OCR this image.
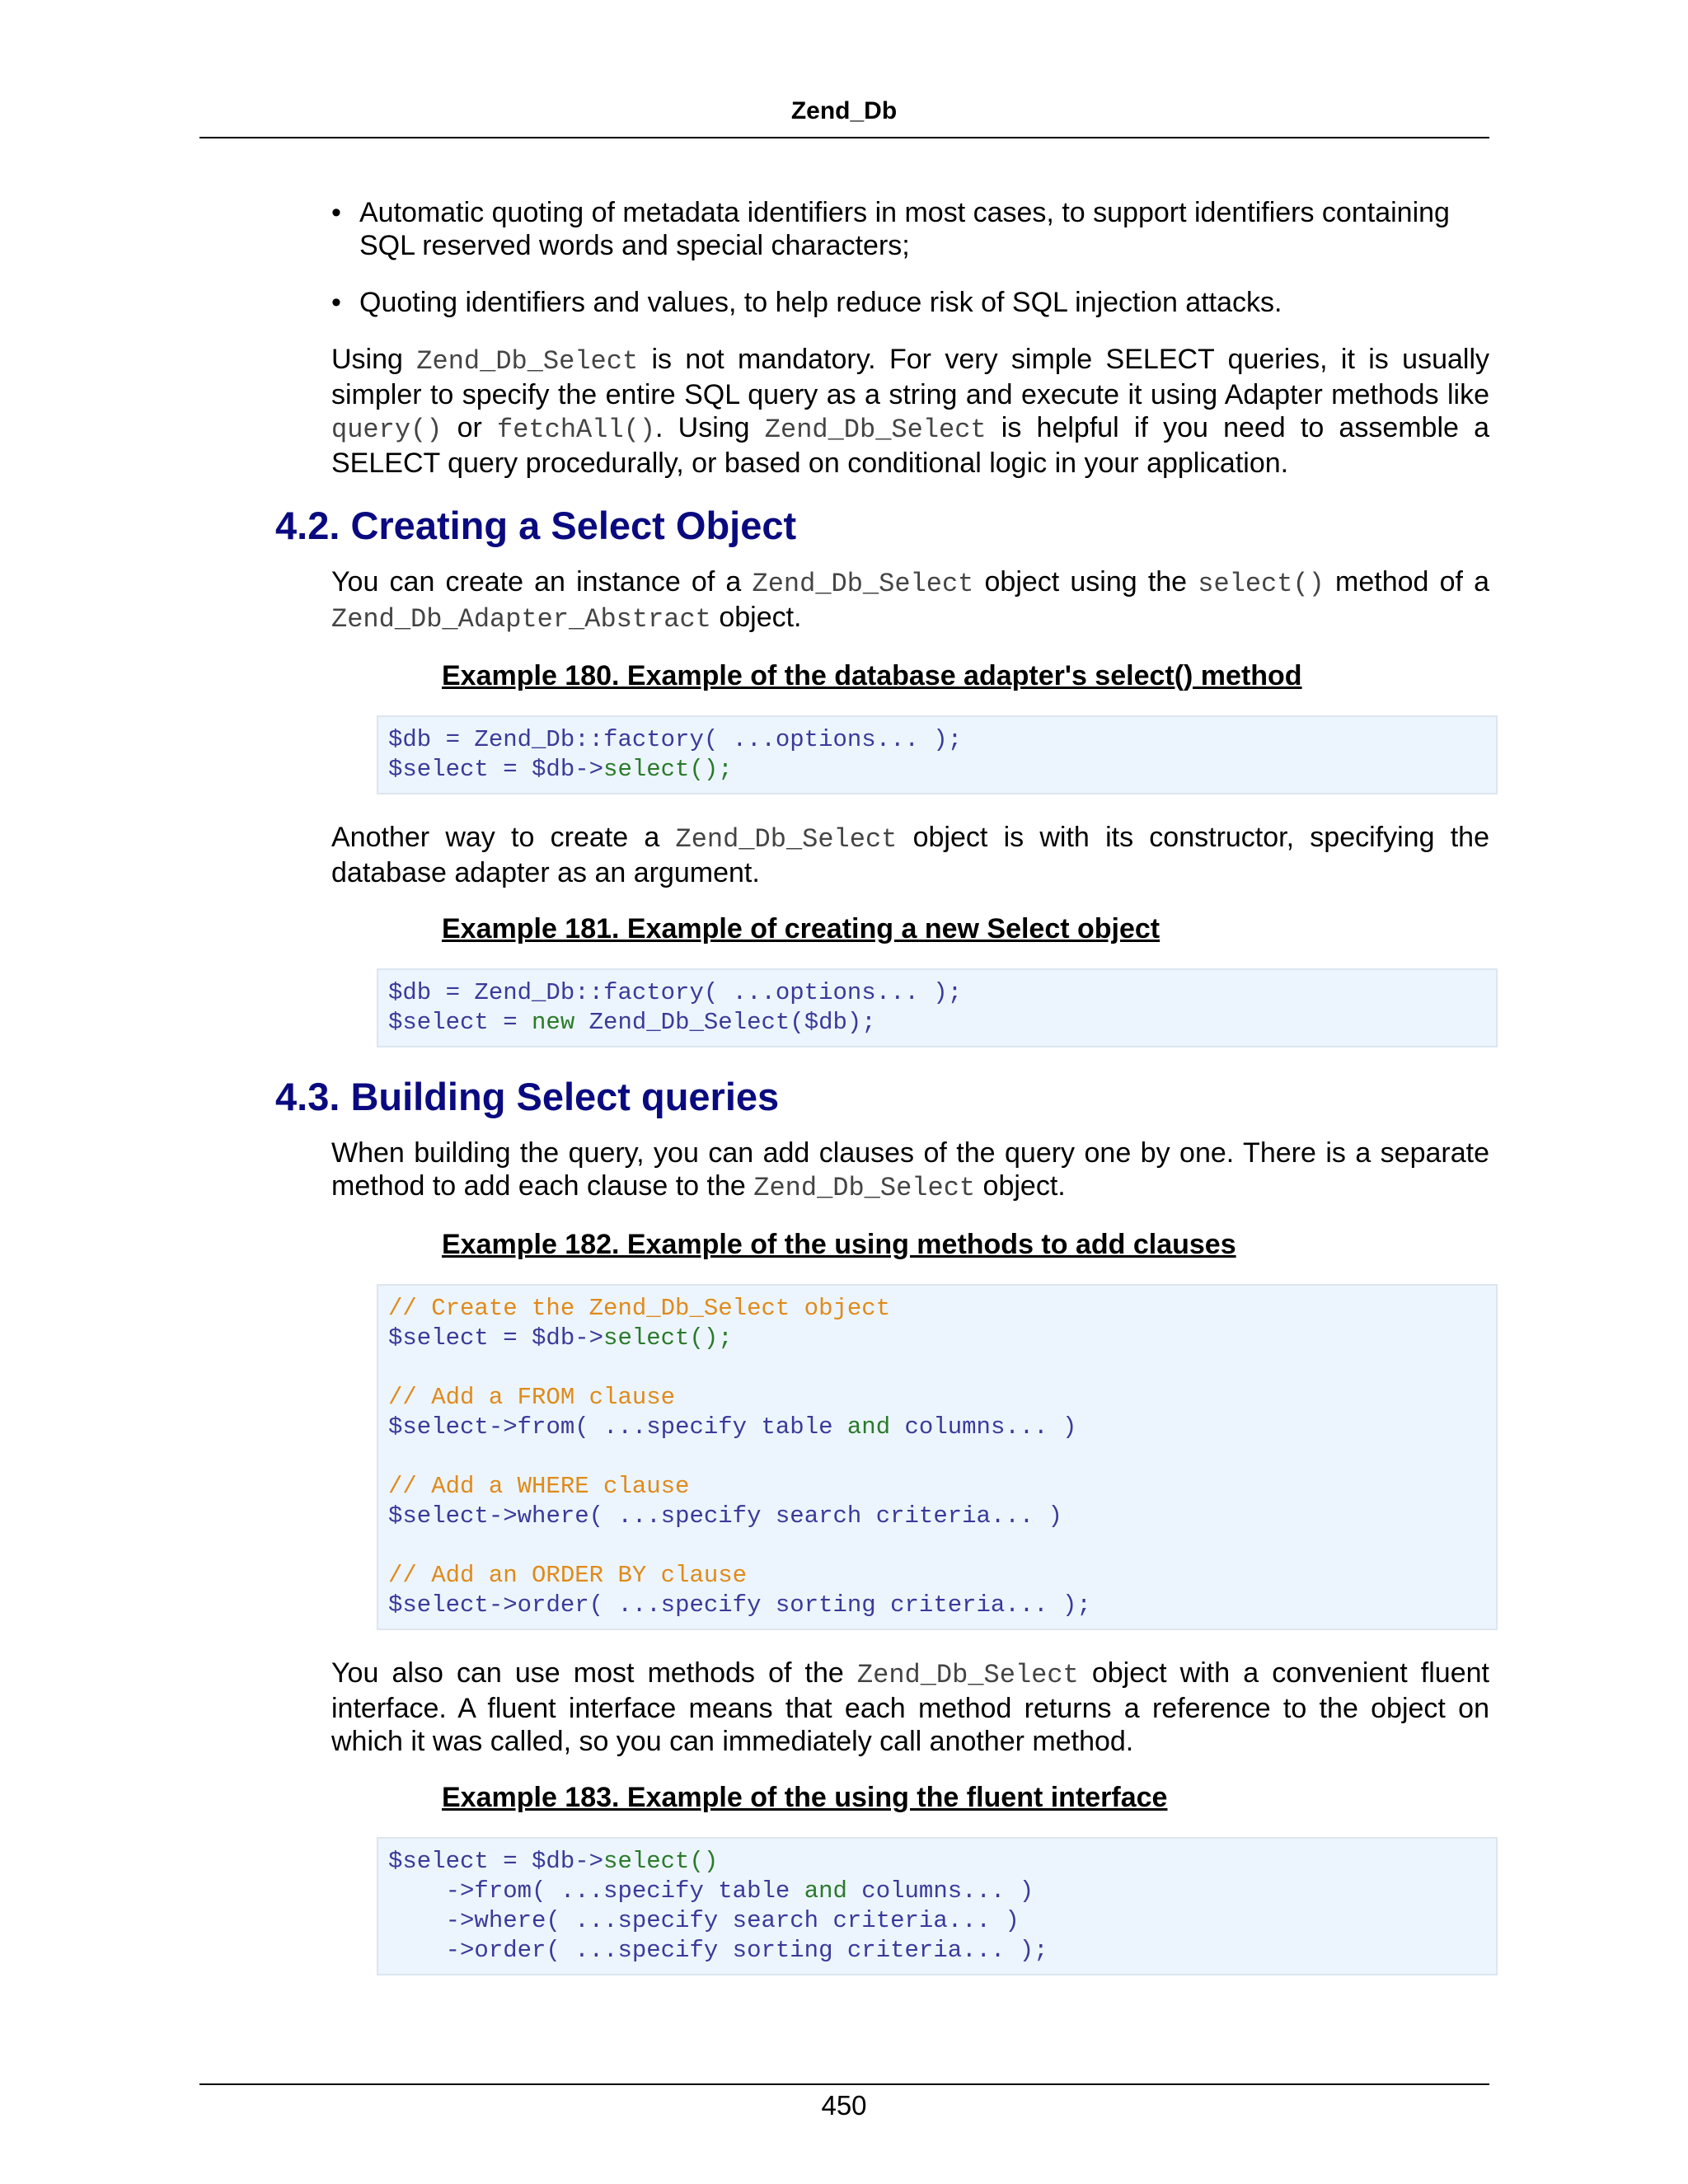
Zend_Db
• Automatic quoting of metadata identifiers in most cases, to support identifiers containing SQL reserved words and special characters;
• Quoting identifiers and values, to help reduce risk of SQL injection attacks.

Using Zend_Db_Select is not mandatory. For very simple SELECT queries, it is usually simpler to specify the entire SQL query as a string and execute it using Adapter methods like query() or fetchAll(). Using Zend_Db_Select is helpful if you need to assemble a SELECT query procedurally, or based on conditional logic in your application.

4.2. Creating a Select Object

You can create an instance of a Zend_Db_Select object using the select() method of a Zend_Db_Adapter_Abstract object.

Example 180. Example of the database adapter's select() method
$db = Zend_Db::factory( ...options... );
$select = $db->select();

Another way to create a Zend_Db_Select object is with its constructor, specifying the database adapter as an argument.

Example 181. Example of creating a new Select object
$db = Zend_Db::factory( ...options... );
$select = new Zend_Db_Select($db);
4.3. Building Select queries

When building the query, you can add clauses of the query one by one. There is a separate method to add each clause to the Zend_Db_Select object.

Example 182. Example of the using methods to add clauses
// Create the Zend_Db_Select object
$select = $db->select();

// Add a FROM clause
$select->from( ...specify table and columns... )

// Add a WHERE clause
$select->where( ...specify search criteria... )

// Add an ORDER BY clause
$select->order( ...specify sorting criteria... );

You also can use most methods of the Zend_Db_Select object with a convenient fluent interface. A fluent interface means that each method returns a reference to the object on which it was called, so you can immediately call another method.

Example 183. Example of the using the fluent interface
$select = $db->select()
->from( ...specify table and columns... )
->where( ...specify search criteria... )
->order( ...specify sorting criteria... );
450
